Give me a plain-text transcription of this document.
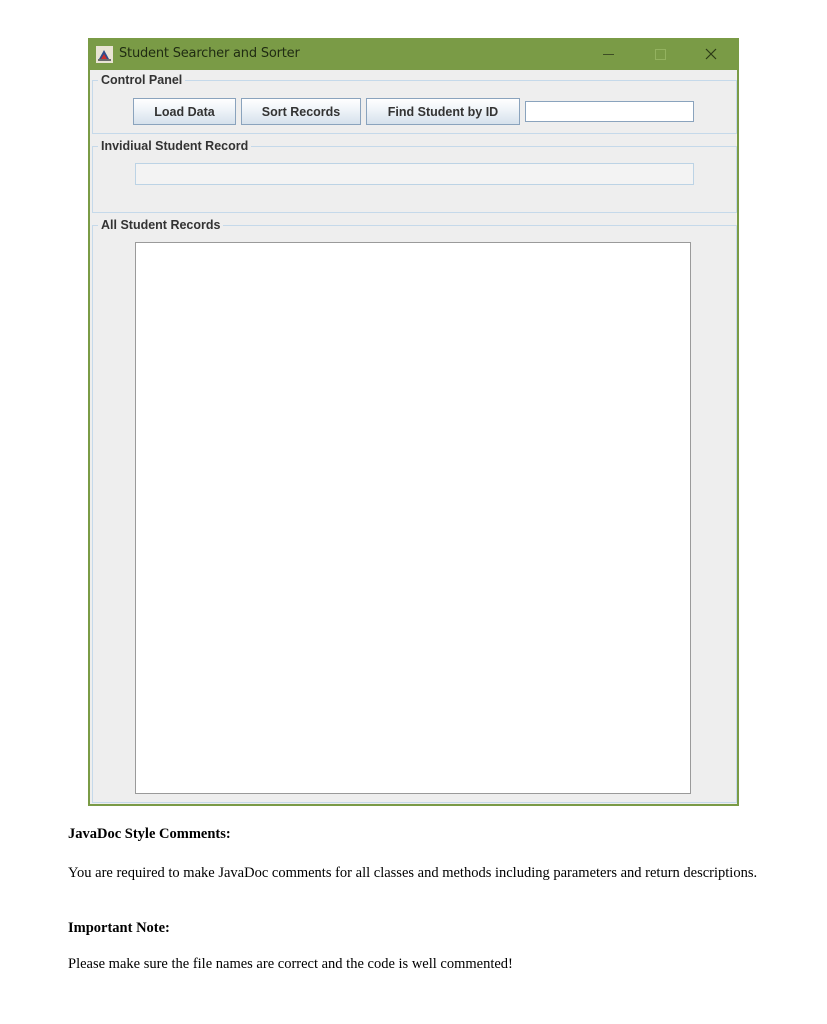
Student Searcher and Sorter
Control Panel
Load Data	Sort Records	Find Student by ID
Invidiual Student Record
All Student Records
JavaDoc Style Comments:
You are required to make JavaDoc comments for all classes and methods including parameters and return descriptions.
Important Note:
Please make sure the file names are correct and the code is well commented!
